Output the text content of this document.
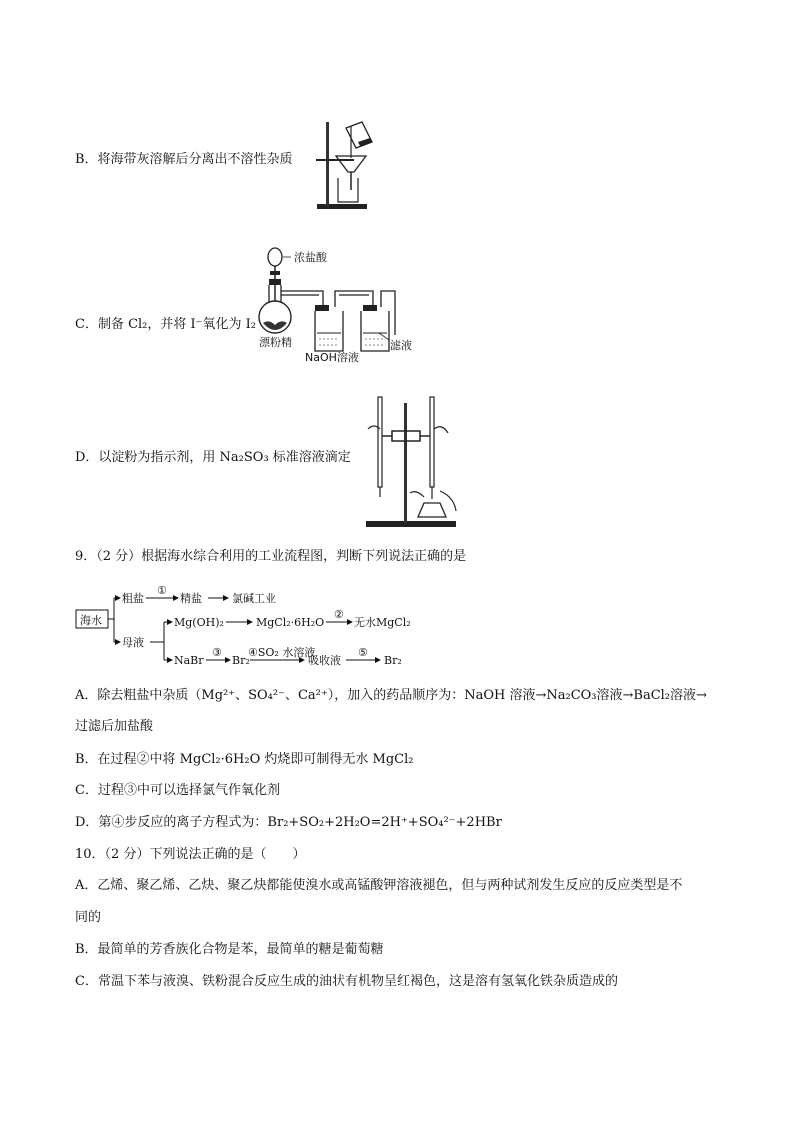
B．将海带灰溶解后分离出不溶性杂质
C．制备 Cl₂，并将 I⁻氧化为 I₂
浓盐酸
漂粉精
NaOH溶液
滤液
D．以淀粉为指示剂，用 Na₂SO₃ 标准溶液滴定
9．（2 分）根据海水综合利用的工业流程图，判断下列说法正确的是
海水
粗盐
①
精盐	氯碱工业
母液
Mg(OH)₂	MgCl₂·6H₂O
②
无水MgCl₂
NaBr
③
Br₂
④SO₂ 水溶液
吸收液
⑤
Br₂
A．除去粗盐中杂质（Mg²⁺、SO₄²⁻、Ca²⁺），加入的药品顺序为：NaOH 溶液→Na₂CO₃溶液→BaCl₂溶液→
过滤后加盐酸
B．在过程②中将 MgCl₂·6H₂O 灼烧即可制得无水 MgCl₂
C．过程③中可以选择氯气作氧化剂
D．第④步反应的离子方程式为：Br₂+SO₂+2H₂O=2H⁺+SO₄²⁻+2HBr
10．（2 分）下列说法正确的是（　　）
A．乙烯、聚乙烯、乙炔、聚乙炔都能使溴水或高锰酸钾溶液褪色，但与两种试剂发生反应的反应类型是不
同的
B．最简单的芳香族化合物是苯，最简单的糖是葡萄糖
C．常温下苯与液溴、铁粉混合反应生成的油状有机物呈红褐色，这是溶有氢氧化铁杂质造成的
